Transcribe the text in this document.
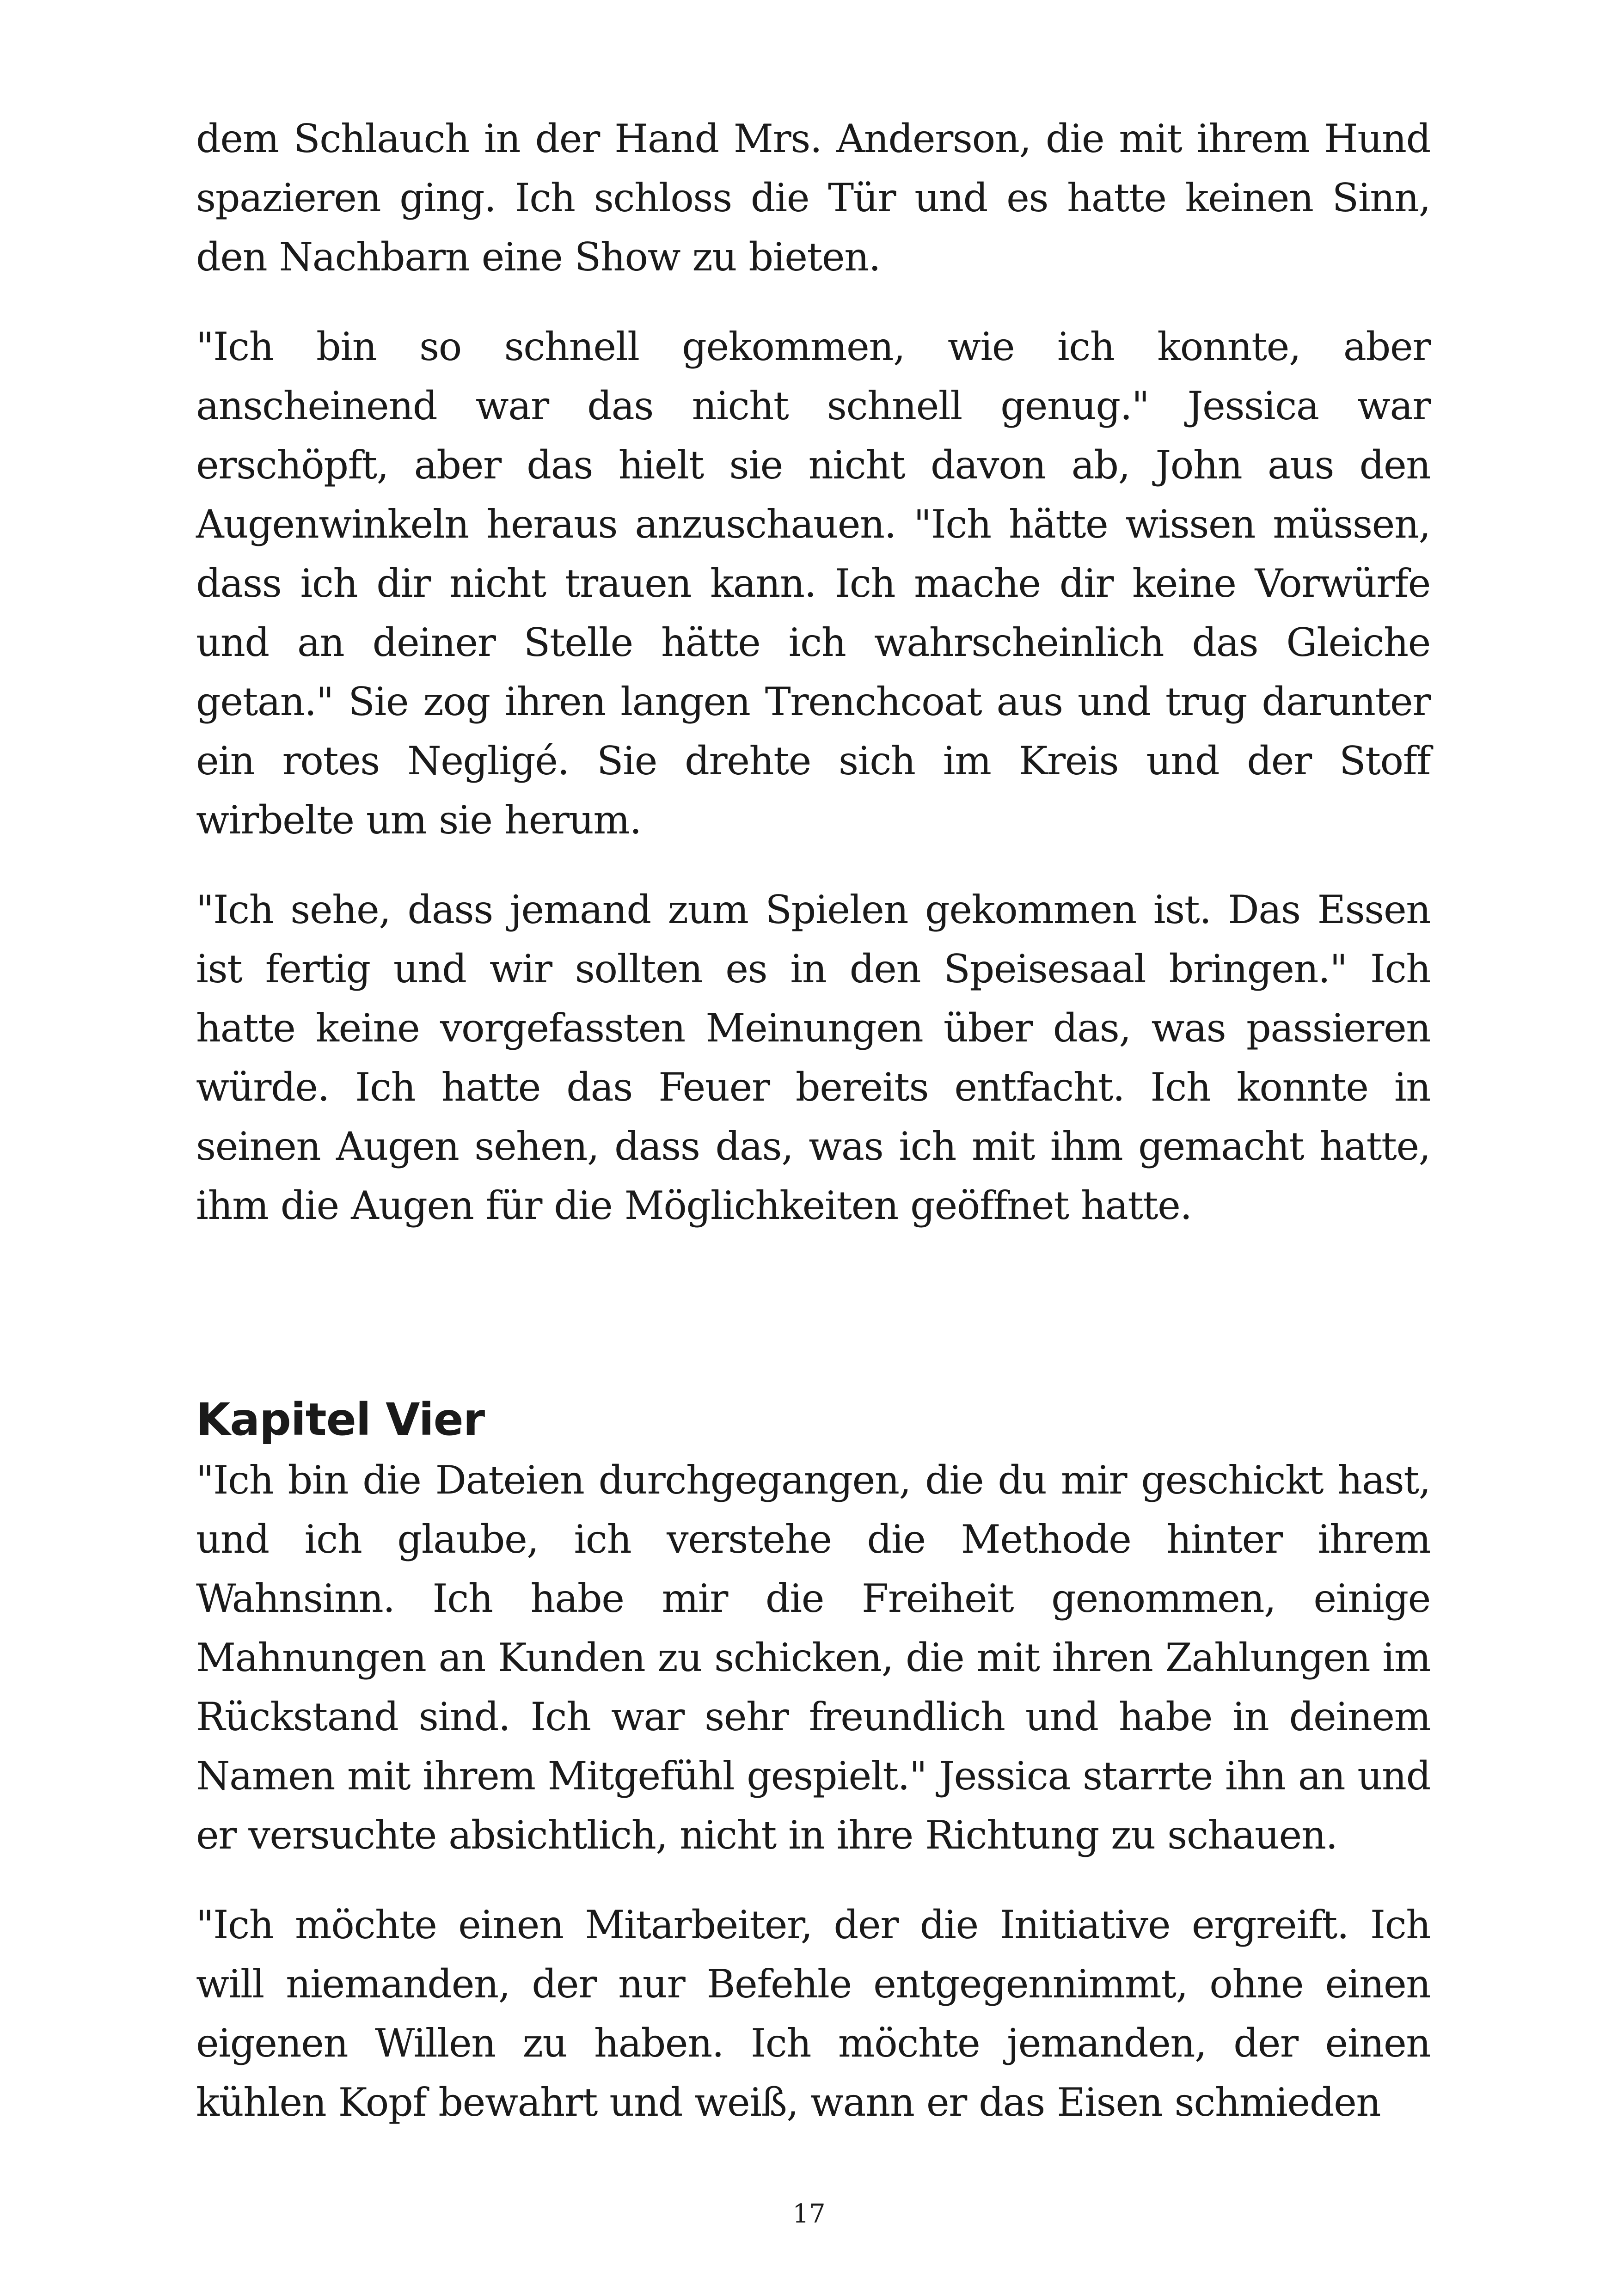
dem Schlauch in der Hand Mrs. Anderson, die mit ihrem Hund spazieren ging. Ich schloss die Tür und es hatte keinen Sinn, den Nachbarn eine Show zu bieten.

"Ich bin so schnell gekommen, wie ich konnte, aber anscheinend war das nicht schnell genug." Jessica war erschöpft, aber das hielt sie nicht davon ab, John aus den Augenwinkeln heraus anzuschauen. "Ich hätte wissen müssen, dass ich dir nicht trauen kann. Ich mache dir keine Vorwürfe und an deiner Stelle hätte ich wahrscheinlich das Gleiche getan." Sie zog ihren langen Trenchcoat aus und trug darunter ein rotes Negligé. Sie drehte sich im Kreis und der Stoff wirbelte um sie herum.

"Ich sehe, dass jemand zum Spielen gekommen ist. Das Essen ist fertig und wir sollten es in den Speisesaal bringen." Ich hatte keine vorgefassten Meinungen über das, was passieren würde. Ich hatte das Feuer bereits entfacht. Ich konnte in seinen Augen sehen, dass das, was ich mit ihm gemacht hatte, ihm die Augen für die Möglichkeiten geöffnet hatte.

Kapitel Vier

"Ich bin die Dateien durchgegangen, die du mir geschickt hast, und ich glaube, ich verstehe die Methode hinter ihrem Wahnsinn. Ich habe mir die Freiheit genommen, einige Mahnungen an Kunden zu schicken, die mit ihren Zahlungen im Rückstand sind. Ich war sehr freundlich und habe in deinem Namen mit ihrem Mitgefühl gespielt." Jessica starrte ihn an und er versuchte absichtlich, nicht in ihre Richtung zu schauen.

"Ich möchte einen Mitarbeiter, der die Initiative ergreift. Ich will niemanden, der nur Befehle entgegennimmt, ohne einen eigenen Willen zu haben. Ich möchte jemanden, der einen kühlen Kopf bewahrt und weiß, wann er das Eisen schmieden

17
